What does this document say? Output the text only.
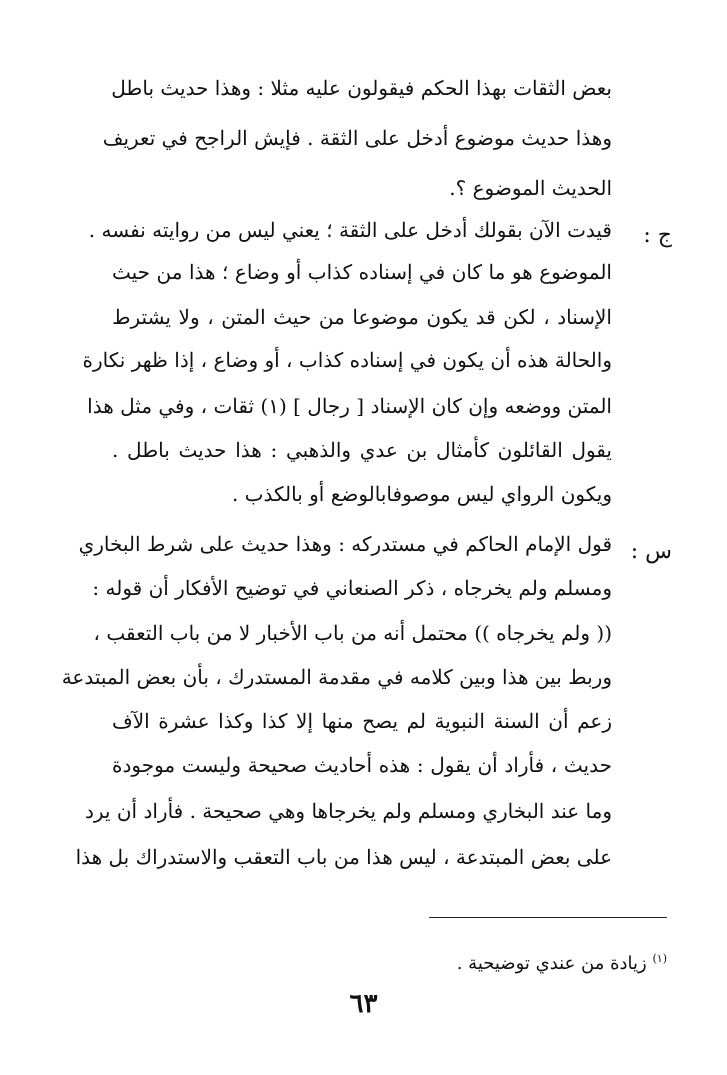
بعض الثقات بهذا الحكم فيقولون عليه مثلا : وهذا حديث باطل
وهذا حديث موضوع أدخل على الثقة . فإيش الراجح في تعريف
الحديث الموضوع ؟.
ج :
قيدت الآن بقولك أدخل على الثقة ؛ يعني ليس من روايته نفسه .
الموضوع هو ما كان في إسناده كذاب أو وضاع ؛ هذا من حيث
الإسناد ، لكن قد يكون موضوعا من حيث المتن ، ولا يشترط
والحالة هذه أن يكون في إسناده كذاب ، أو وضاع ، إذا ظهر نكارة
المتن ووضعه وإن كان الإسناد [ رجال ] (١) ثقات ، وفي مثل هذا
يقول القائلون كأمثال بن عدي والذهبي : هذا حديث باطل .
ويكون الرواي ليس موصوفابالوضع أو بالكذب .
س :
قول الإمام الحاكم في مستدركه : وهذا حديث على شرط البخاري
ومسلم ولم يخرجاه ، ذكر الصنعاني في توضيح الأفكار أن قوله :
(( ولم يخرجاه )) محتمل أنه من باب الأخبار لا من باب التعقب ،
وربط بين هذا وبين كلامه في مقدمة المستدرك ، بأن بعض المبتدعة
زعم أن السنة النبوية لم يصح منها إلا كذا وكذا عشرة الآف
حديث ، فأراد أن يقول : هذه أحاديث صحيحة وليست موجودة
وما عند البخاري ومسلم ولم يخرجاها وهي صحيحة . فأراد أن يرد
على بعض المبتدعة ، ليس هذا من باب التعقب والاستدراك بل هذا
$^{(١)}$ زيادة من عندي توضيحية .
٦٣
